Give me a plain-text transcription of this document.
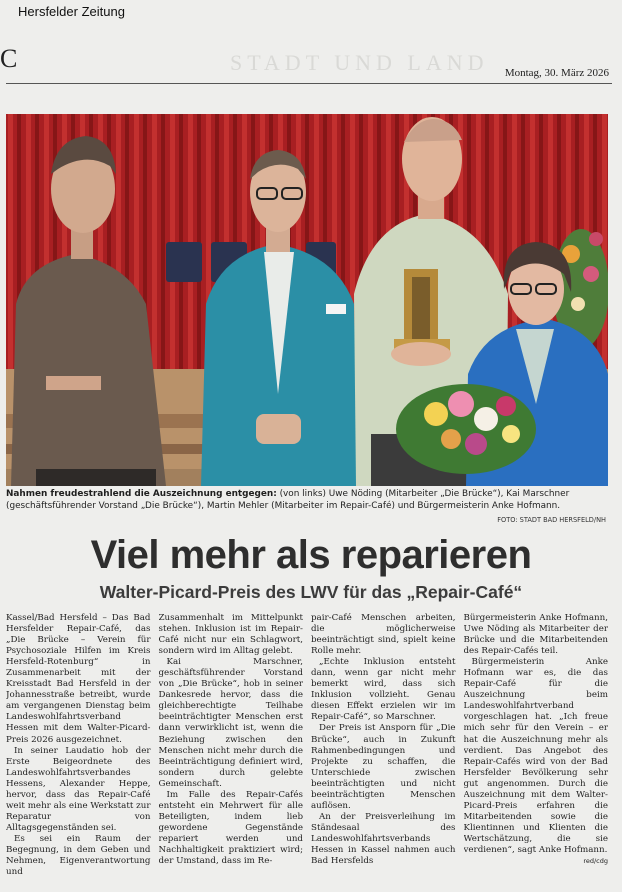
Hersfelder Zeitung
C	STADT UND LAND Montag, 30. März 2026
Nahmen freudestrahlend die Auszeichnung entgegen: (von links) Uwe Nöding (Mitarbeiter „Die Brücke“), Kai Marschner (geschäftsführender Vorstand „Die Brücke“), Martin Mehler (Mitarbeiter im Repair-Café) und Bürgermeisterin Anke Hofmann.
FOTO: STADT BAD HERSFELD/NH
Viel mehr als reparieren
Walter-Picard-Preis des LWV für das „Repair-Café“

Kassel/Bad Hersfeld – Das Bad Hersfelder Repair-Café, das „Die Brücke – Verein für Psychosoziale Hilfen im Kreis Hersfeld-Rotenburg“ in Zusammenarbeit mit der Kreisstadt Bad Hersfeld in der Johannesstraße betreibt, wurde am vergangenen Dienstag beim Landeswohlfahrtsverband Hessen mit dem Walter-Picard-Preis 2026 ausgezeichnet.

In seiner Laudatio hob der Erste Beigeordnete des Landeswohlfahrtsverbandes Hessens, Alexander Heppe, hervor, dass das Repair-Café weit mehr als eine Werkstatt zur Reparatur von Alltagsgegenständen sei.

Es sei ein Raum der Begegnung, in dem Geben und Nehmen, Eigenverantwortung und

Zusammenhalt im Mittelpunkt stehen. Inklusion ist im Repair-Café nicht nur ein Schlagwort, sondern wird im Alltag gelebt.

Kai Marschner, geschäftsführender Vorstand von „Die Brücke“, hob in seiner Dankesrede hervor, dass die gleichberechtigte Teilhabe beeinträchtigter Menschen erst dann verwirklicht ist, wenn die Beziehung zwischen den Menschen nicht mehr durch die Beeinträchtigung definiert wird, sondern durch gelebte Gemeinschaft.

Im Falle des Repair-Cafés entsteht ein Mehrwert für alle Beteiligten, indem lieb gewordene Gegenstände repariert werden und Nachhaltigkeit praktiziert wird; der Umstand, dass im Re-

pair-Café Menschen arbeiten, die möglicherweise beeinträchtigt sind, spielt keine Rolle mehr.

„Echte Inklusion entsteht dann, wenn gar nicht mehr bemerkt wird, dass sich Inklusion vollzieht. Genau diesen Effekt erzielen wir im Repair-Café“, so Marschner.

Der Preis ist Ansporn für „Die Brücke“, auch in Zukunft Rahmenbedingungen und Projekte zu schaffen, die Unterschiede zwischen beeinträchtigten und nicht beeinträchtigten Menschen auflösen.

An der Preisverleihung im Ständesaal des Landeswohlfahrtsverbands Hessen in Kassel nahmen auch Bad Hersfelds

Bürgermeisterin Anke Hofmann, Uwe Nöding als Mitarbeiter der Brücke und die Mitarbeitenden des Repair-Cafés teil.

Bürgermeisterin Anke Hofmann war es, die das Repair-Café für die Auszeichnung beim Landeswohlfahrtverband vorgeschlagen hat. „Ich freue mich sehr für den Verein – er hat die Auszeichnung mehr als verdient. Das Angebot des Repair-Cafés wird von der Bad Hersfelder Bevölkerung sehr gut angenommen. Durch die Auszeichnung mit dem Walter-Picard-Preis erfahren die Mitarbeitenden sowie die Klientinnen und Klienten die Wertschätzung, die sie verdienen“, sagt Anke Hofmann.

red/cdg
